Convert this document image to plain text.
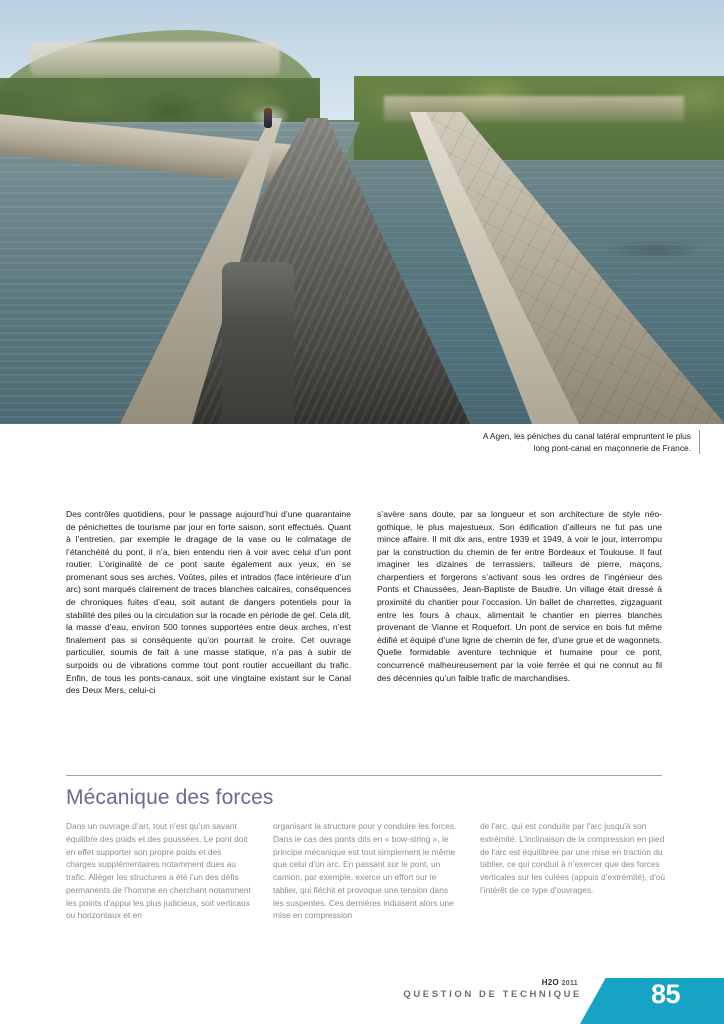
A Agen, les péniches du canal latéral empruntent le plus long pont-canal en maçonnerie de France.

Des contrôles quotidiens, pour le passage aujourd’hui d’une quarantaine de pénichettes de tourisme par jour en forte saison, sont effectués. Quant à l’entretien, par exemple le dragage de la vase ou le colmatage de l’étanchéité du pont, il n’a, bien entendu rien à voir avec celui d’un pont routier. L’originalité de ce pont saute également aux yeux, en se promenant sous ses arches. Voûtes, piles et intrados (face intérieure d’un arc) sont marqués clairement de traces blanches calcaires, conséquences de chroniques fuites d’eau, soit autant de dangers potentiels pour la stabilité des piles ou la circulation sur la rocade en période de gel. Cela dit, la masse d’eau, environ 500 tonnes supportées entre deux arches, n’est finalement pas si conséquente qu’on pourrait le croire. Cet ouvrage particulier, soumis de fait à une masse statique, n’a pas à subir de surpoids ou de vibrations comme tout pont routier accueillant du trafic. Enfin, de tous les ponts-canaux, soit une vingtaine existant sur le Canal des Deux Mers, celui-ci

s’avère sans doute, par sa longueur et son architecture de style néo-gothique, le plus majestueux. Son édification d’ailleurs ne fut pas une mince affaire. Il mit dix ans, entre 1939 et 1949, à voir le jour, interrompu par la construction du chemin de fer entre Bordeaux et Toulouse. Il faut imaginer les dizaines de terrassiers, tailleurs de pierre, maçons, charpentiers et forgerons s’activant sous les ordres de l’ingénieur des Ponts et Chaussées, Jean-Baptiste de Baudre. Un village était dressé à proximité du chantier pour l’occasion. Un ballet de charrettes, zigzaguant entre les fours à chaux, alimentait le chantier en pierres blanches provenant de Vianne et Roquefort. Un pont de service en bois fut même édifié et équipé d’une ligne de chemin de fer, d’une grue et de wagonnets. Quelle formidable aventure technique et humaine pour ce pont, concurrencé malheureusement par la voie ferrée et qui ne connut au fil des décennies qu’un faible trafic de marchandises.

Mécanique des forces

Dans un ouvrage d’art, tout n’est qu’un savant équilibre des poids et des poussées. Le pont doit en effet supporter son propre poids et des charges supplémentaires notamment dues au trafic. Alléger les structures a été l’un des défis permanents de l’homme en cherchant notamment les points d’appui les plus judicieux, soit verticaux ou horizontaux et en

organisant la structure pour y conduire les forces. Dans le cas des ponts dits en « bow-string », le principe mécanique est tout simplement le même que celui d'un arc. En passant sur le pont, un camion, par exemple, exerce un effort sur le tablier, qui fléchit et provoque une tension dans les suspentes. Ces dernières induisent alors une mise en compression

de l'arc, qui est conduite par l'arc jusqu'à son extrémité. L’inclinaison de la compression en pied de l'arc est équilibrée par une mise en traction du tablier, ce qui conduit à n’exercer que des forces verticales sur les culées (appuis d’extrémité), d'où l’intérêt de ce type d'ouvrages.

QUESTION DE TECHNIQUE
H2O 2011	85
